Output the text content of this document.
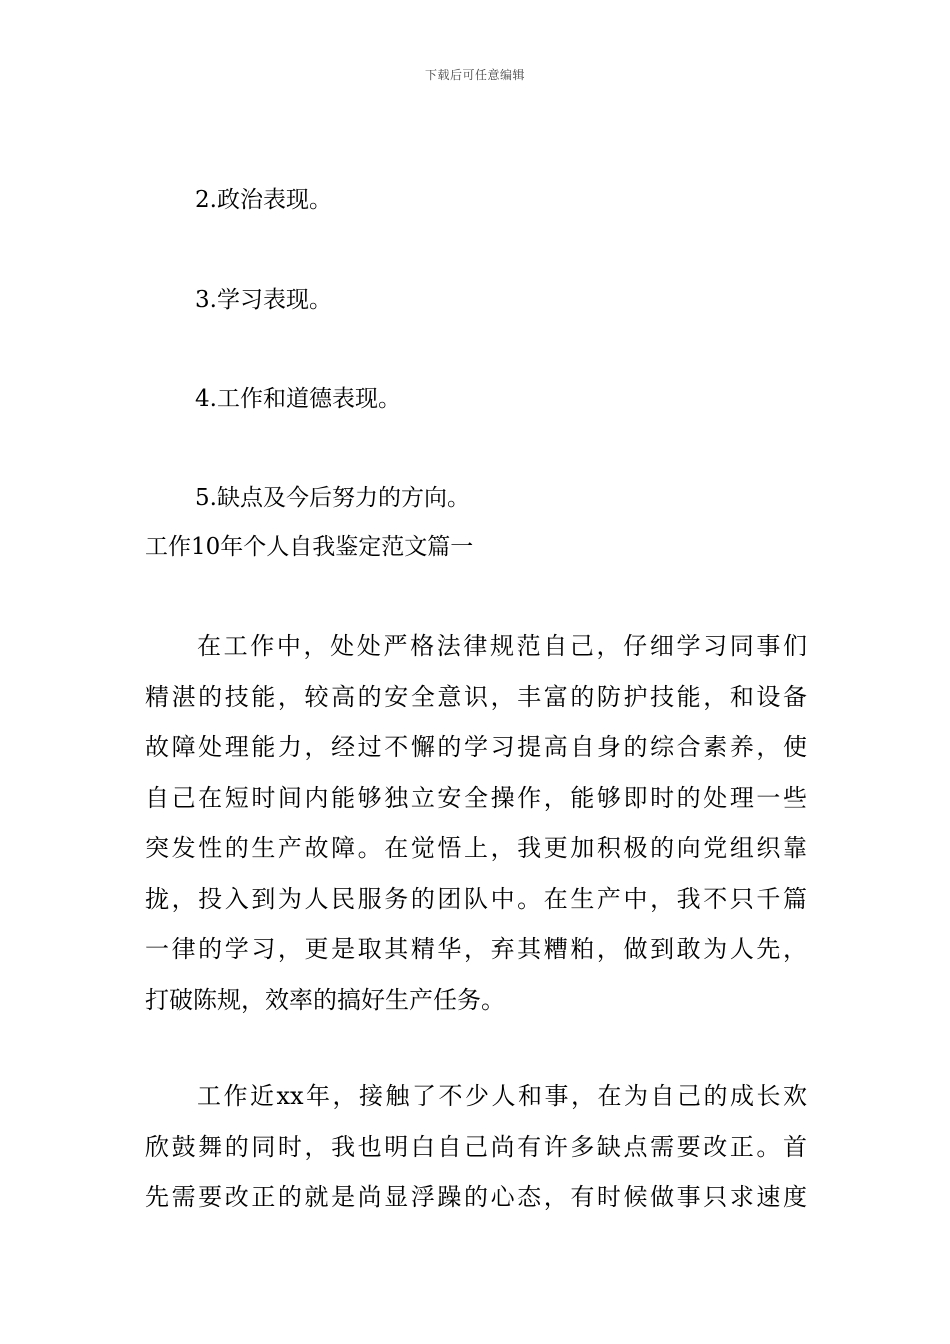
下载后可任意编辑
2.政治表现。
3.学习表现。
4.工作和道德表现。
5.缺点及今后努力的方向。
工作10年个人自我鉴定范文篇一
在工作中，处处严格法律规范自己，仔细学习同事们
精湛的技能，较高的安全意识，丰富的防护技能，和设备
故障处理能力，经过不懈的学习提高自身的综合素养，使
自己在短时间内能够独立安全操作，能够即时的处理一些
突发性的生产故障。在觉悟上，我更加积极的向党组织靠
拢，投入到为人民服务的团队中。在生产中，我不只千篇
一律的学习，更是取其精华，弃其糟粕，做到敢为人先，
打破陈规，效率的搞好生产任务。
工作近xx年，接触了不少人和事，在为自己的成长欢
欣鼓舞的同时，我也明白自己尚有许多缺点需要改正。首
先需要改正的就是尚显浮躁的心态，有时候做事只求速度
